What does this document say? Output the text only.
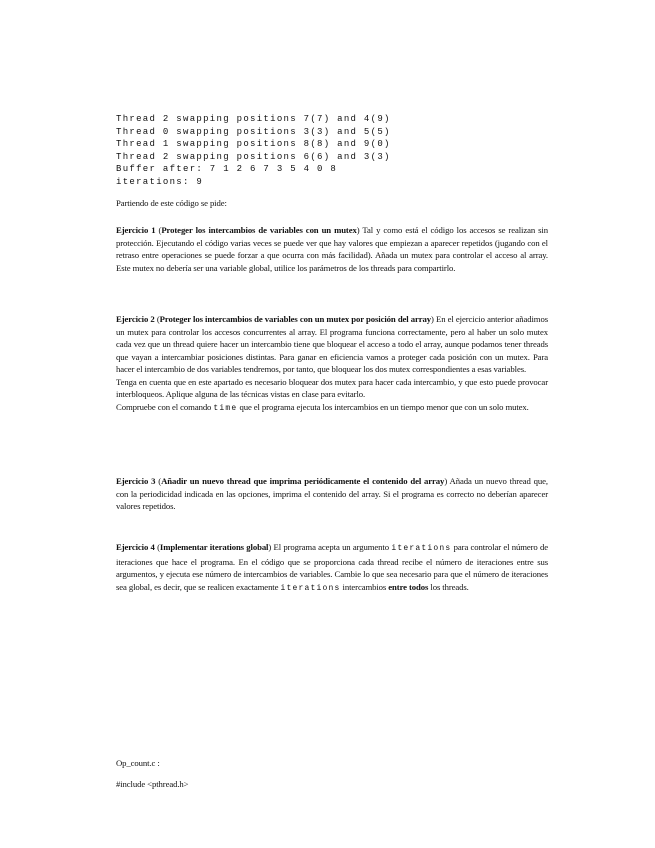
Thread 2 swapping positions 7(7) and 4(9)
Thread 0 swapping positions 3(3) and 5(5)
Thread 1 swapping positions 8(8) and 9(0)
Thread 2 swapping positions 6(6) and 3(3)
Buffer after: 7 1 2 6 7 3 5 4 0 8
iterations: 9

Partiendo de este código se pide:

Ejercicio 1 (Proteger los intercambios de variables con un mutex) Tal y como está el código los accesos se realizan sin protección. Ejecutando el código varias veces se puede ver que hay valores que empiezan a aparecer repetidos (jugando con el retraso entre operaciones se puede forzar a que ocurra con más facilidad). Añada un mutex para controlar el acceso al array. Este mutex no debería ser una variable global, utilice los parámetros de los threads para compartirlo.

Ejercicio 2 (Proteger los intercambios de variables con un mutex por posición del array) En el ejercicio anterior añadimos un mutex para controlar los accesos concurrentes al array. El programa funciona correctamente, pero al haber un solo mutex cada vez que un thread quiere hacer un intercambio tiene que bloquear el acceso a todo el array, aunque podamos tener threads que vayan a intercambiar posiciones distintas. Para ganar en eficiencia vamos a proteger cada posición con un mutex. Para hacer el intercambio de dos variables tendremos, por tanto, que bloquear los dos mutex correspondientes a esas variables.
Tenga en cuenta que en este apartado es necesario bloquear dos mutex para hacer cada intercambio, y que esto puede provocar interbloqueos. Aplique alguna de las técnicas vistas en clase para evitarlo.
Compruebe con el comando time que el programa ejecuta los intercambios en un tiempo menor que con un solo mutex.

Ejercicio 3 (Añadir un nuevo thread que imprima periódicamente el contenido del array) Añada un nuevo thread que, con la periodicidad indicada en las opciones, imprima el contenido del array. Si el programa es correcto no deberían aparecer valores repetidos.

Ejercicio 4 (Implementar iterations global) El programa acepta un argumento iterations para controlar el número de iteraciones que hace el programa. En el código que se proporciona cada thread recibe el número de iteraciones entre sus argumentos, y ejecuta ese número de intercambios de variables. Cambie lo que sea necesario para que el número de iteraciones sea global, es decir, que se realicen exactamente iterations intercambios entre todos los threads.

Op_count.c :

#include <pthread.h>
